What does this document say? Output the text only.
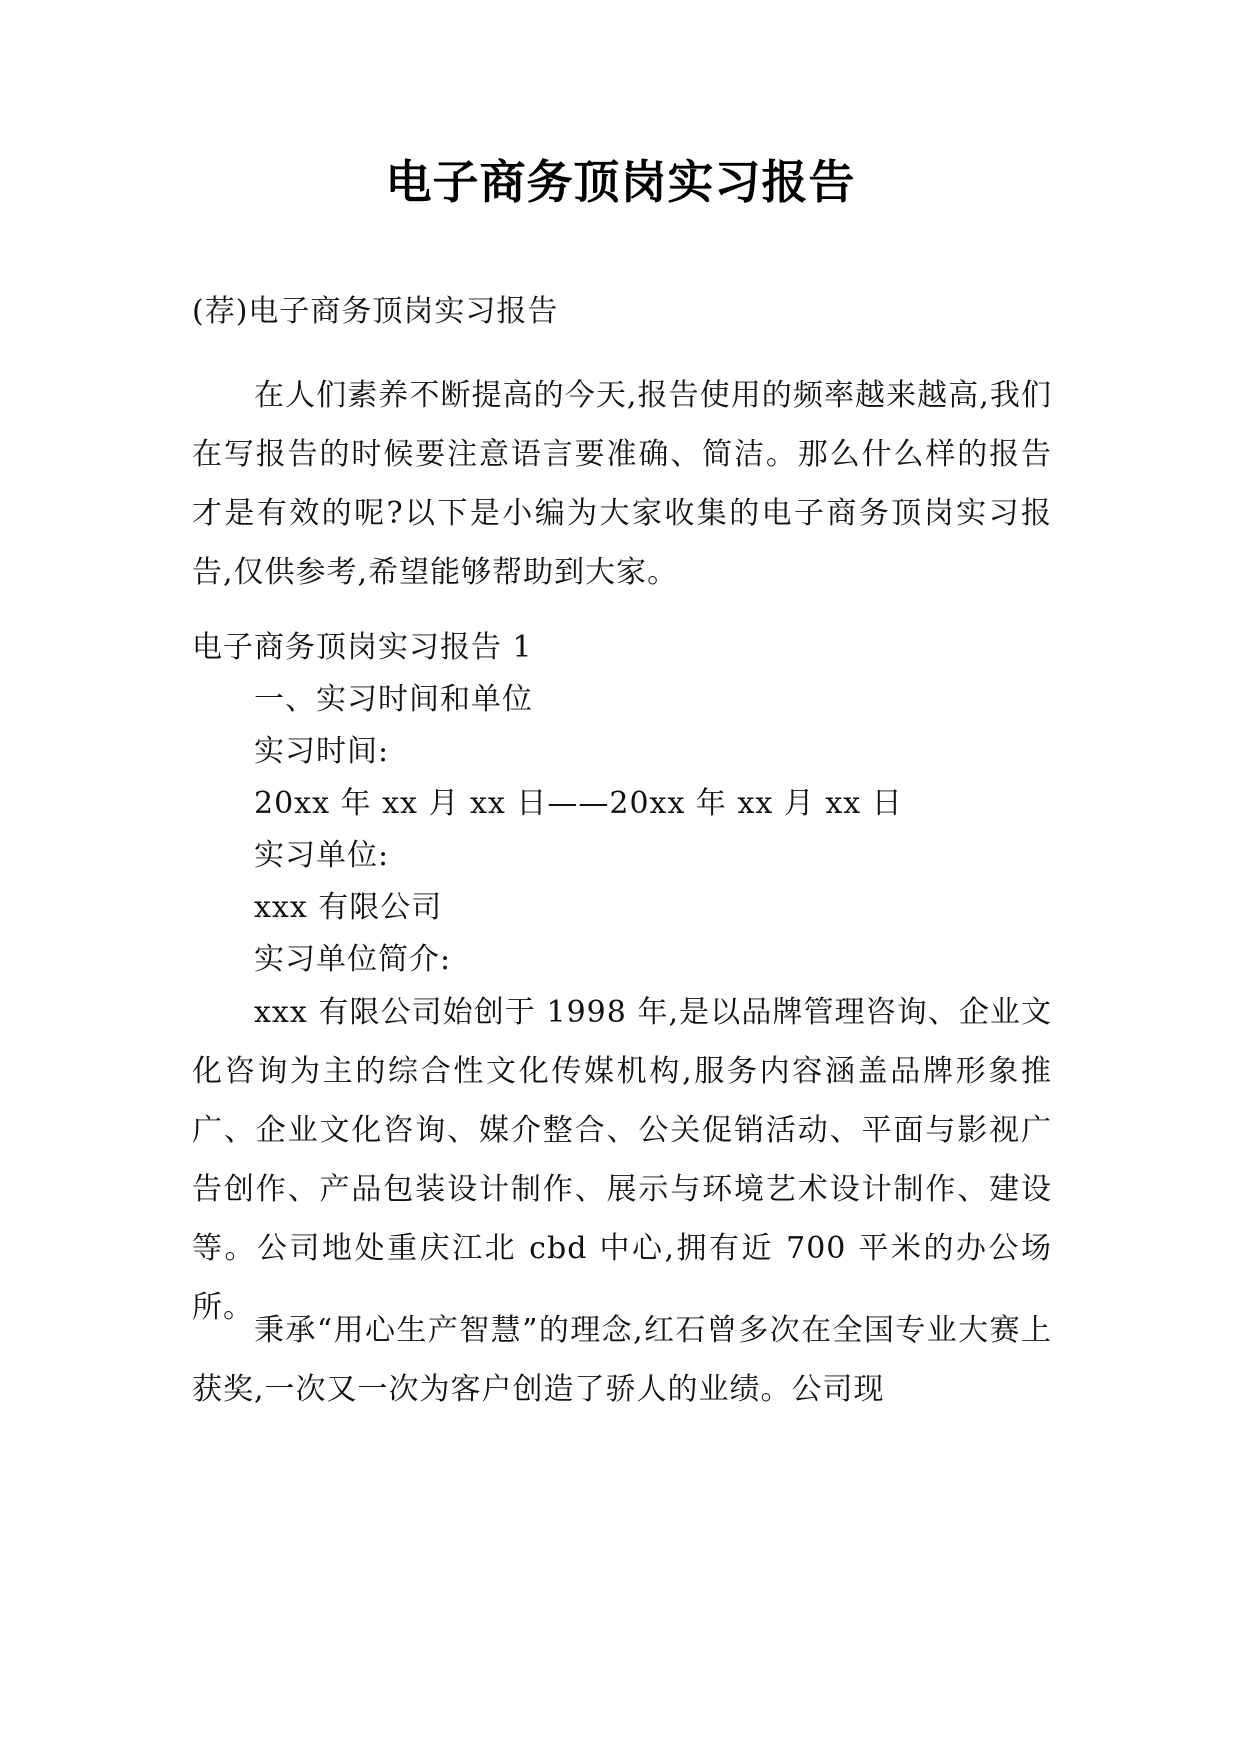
电子商务顶岗实习报告
(荐)电子商务顶岗实习报告

在人们素养不断提高的今天,报告使用的频率越来越高,我们在写报告的时候要注意语言要准确、简洁。那么什么样的报告才是有效的呢?以下是小编为大家收集的电子商务顶岗实习报告,仅供参考,希望能够帮助到大家。

电子商务顶岗实习报告 1
一、实习时间和单位
实习时间:
20xx 年 xx 月 xx 日——20xx 年 xx 月 xx 日
实习单位:
xxx 有限公司
实习单位简介:

xxx 有限公司始创于 1998 年,是以品牌管理咨询、企业文化咨询为主的综合性文化传媒机构,服务内容涵盖品牌形象推广、企业文化咨询、媒介整合、公关促销活动、平面与影视广告创作、产品包装设计制作、展示与环境艺术设计制作、建设等。公司地处重庆江北 cbd 中心,拥有近 700 平米的办公场所。

秉承“用心生产智慧”的理念,红石曾多次在全国专业大赛上获奖,一次又一次为客户创造了骄人的业绩。公司现
